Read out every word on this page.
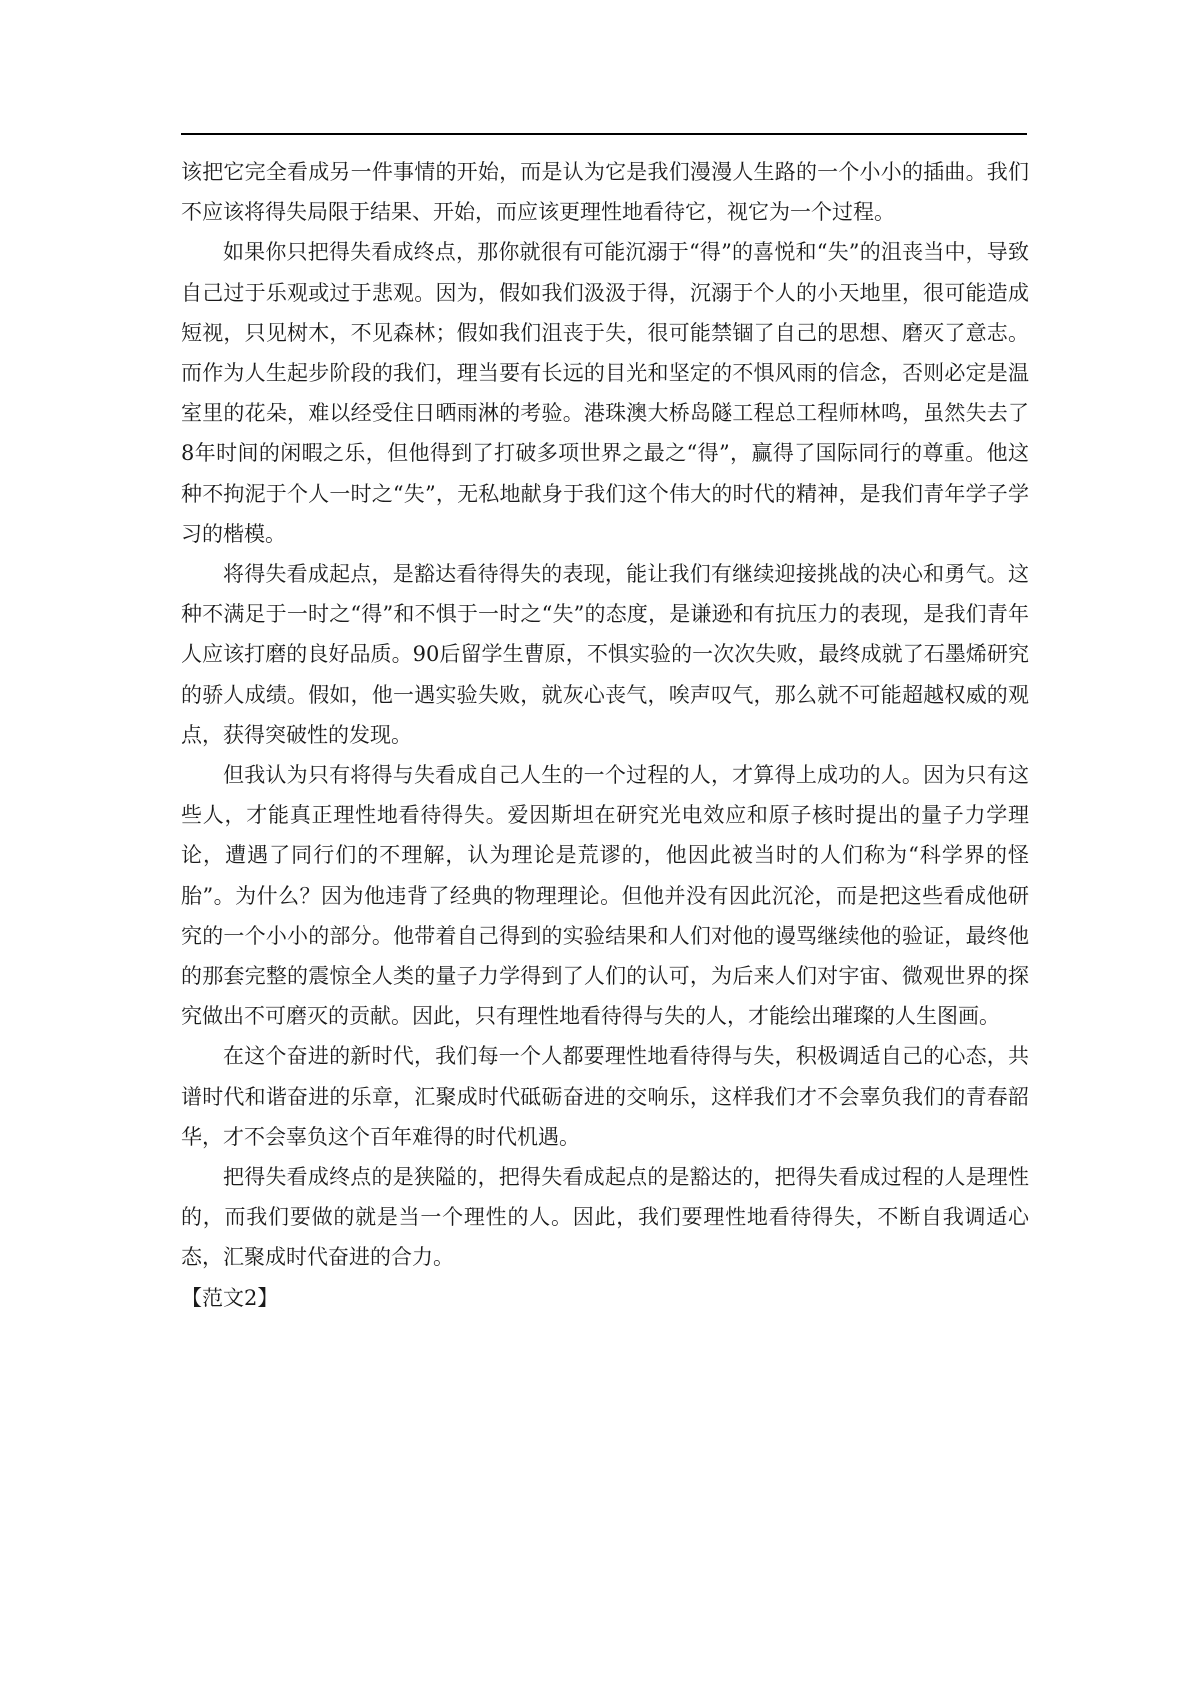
该把它完全看成另一件事情的开始，而是认为它是我们漫漫人生路的一个小小的插曲。我们不应该将得失局限于结果、开始，而应该更理性地看待它，视它为一个过程。

如果你只把得失看成终点，那你就很有可能沉溺于“得”的喜悦和“失”的沮丧当中，导致自己过于乐观或过于悲观。因为，假如我们汲汲于得，沉溺于个人的小天地里，很可能造成短视，只见树木，不见森林；假如我们沮丧于失，很可能禁锢了自己的思想、磨灭了意志。而作为人生起步阶段的我们，理当要有长远的目光和坚定的不惧风雨的信念，否则必定是温室里的花朵，难以经受住日晒雨淋的考验。港珠澳大桥岛隧工程总工程师林鸣，虽然失去了8年时间的闲暇之乐，但他得到了打破多项世界之最之“得”，赢得了国际同行的尊重。他这种不拘泥于个人一时之“失”，无私地献身于我们这个伟大的时代的精神，是我们青年学子学习的楷模。

将得失看成起点，是豁达看待得失的表现，能让我们有继续迎接挑战的决心和勇气。这种不满足于一时之“得”和不惧于一时之“失”的态度，是谦逊和有抗压力的表现，是我们青年人应该打磨的良好品质。90后留学生曹原，不惧实验的一次次失败，最终成就了石墨烯研究的骄人成绩。假如，他一遇实验失败，就灰心丧气，唉声叹气，那么就不可能超越权威的观点，获得突破性的发现。

但我认为只有将得与失看成自己人生的一个过程的人，才算得上成功的人。因为只有这些人，才能真正理性地看待得失。爱因斯坦在研究光电效应和原子核时提出的量子力学理论，遭遇了同行们的不理解，认为理论是荒谬的，他因此被当时的人们称为“科学界的怪胎”。为什么？因为他违背了经典的物理理论。但他并没有因此沉沦，而是把这些看成他研究的一个小小的部分。他带着自己得到的实验结果和人们对他的谩骂继续他的验证，最终他的那套完整的震惊全人类的量子力学得到了人们的认可，为后来人们对宇宙、微观世界的探究做出不可磨灭的贡献。因此，只有理性地看待得与失的人，才能绘出璀璨的人生图画。

在这个奋进的新时代，我们每一个人都要理性地看待得与失，积极调适自己的心态，共谱时代和谐奋进的乐章，汇聚成时代砥砺奋进的交响乐，这样我们才不会辜负我们的青春韶华，才不会辜负这个百年难得的时代机遇。

把得失看成终点的是狭隘的，把得失看成起点的是豁达的，把得失看成过程的人是理性的，而我们要做的就是当一个理性的人。因此，我们要理性地看待得失，不断自我调适心态，汇聚成时代奋进的合力。

【范文2】
